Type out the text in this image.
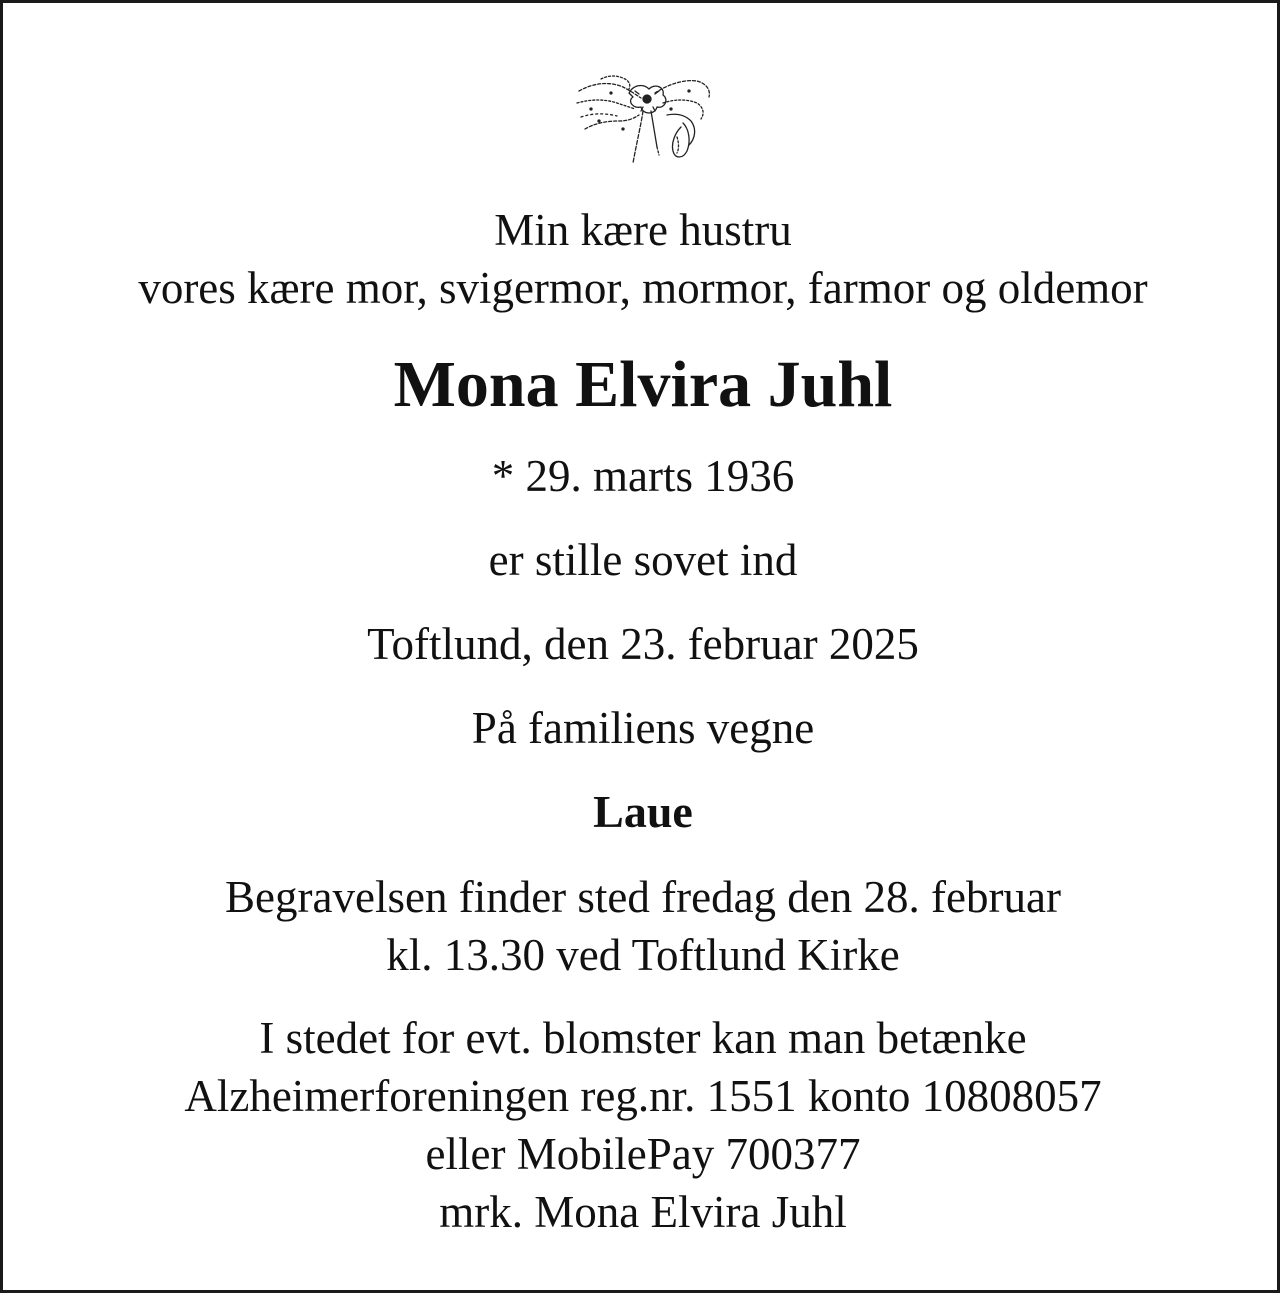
Min kære hustru
vores kære mor, svigermor, mormor, farmor og oldemor
Mona Elvira Juhl
* 29. marts 1936
er stille sovet ind
Toftlund, den 23. februar 2025
På familiens vegne
Laue
Begravelsen finder sted fredag den 28. februar
kl. 13.30 ved Toftlund Kirke
I stedet for evt. blomster kan man betænke
Alzheimerforeningen reg.nr. 1551 konto 10808057
eller MobilePay 700377
mrk. Mona Elvira Juhl
